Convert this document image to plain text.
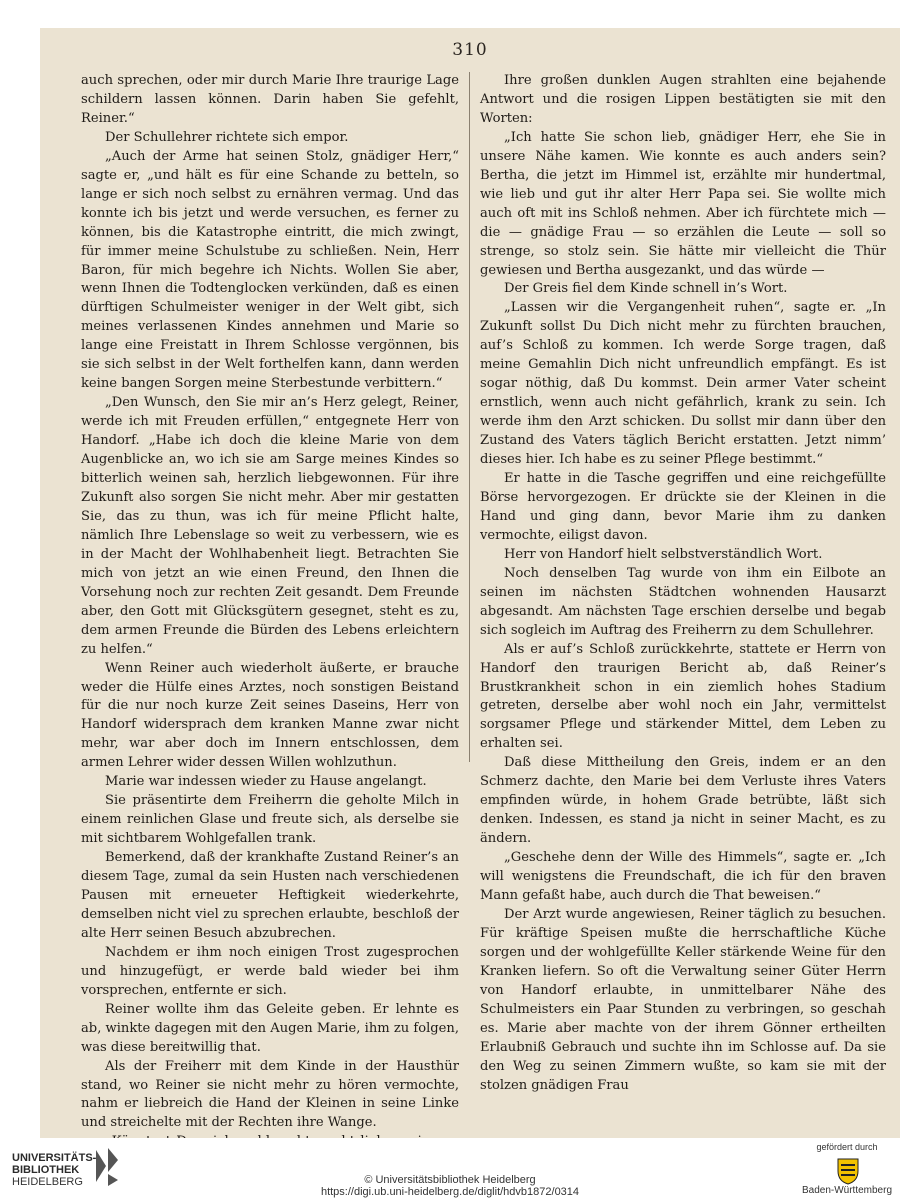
310

auch sprechen, oder mir durch Marie Ihre traurige Lage schildern lassen können. Darin haben Sie gefehlt, Reiner.“

Der Schullehrer richtete sich empor.

„Auch der Arme hat seinen Stolz, gnädiger Herr,“ sagte er, „und hält es für eine Schande zu betteln, so lange er sich noch selbst zu ernähren vermag. Und das konnte ich bis jetzt und werde versuchen, es ferner zu können, bis die Katastrophe eintritt, die mich zwingt, für immer meine Schulstube zu schließen. Nein, Herr Baron, für mich begehre ich Nichts. Wollen Sie aber, wenn Ihnen die Todtenglocken verkünden, daß es einen dürftigen Schulmeister weniger in der Welt gibt, sich meines verlassenen Kindes annehmen und Marie so lange eine Freistatt in Ihrem Schlosse vergönnen, bis sie sich selbst in der Welt forthelfen kann, dann werden keine bangen Sorgen meine Sterbestunde verbittern.“

„Den Wunsch, den Sie mir an’s Herz gelegt, Reiner, werde ich mit Freuden erfüllen,“ entgegnete Herr von Handorf. „Habe ich doch die kleine Marie von dem Augenblicke an, wo ich sie am Sarge meines Kindes so bitterlich weinen sah, herzlich liebgewonnen. Für ihre Zukunft also sorgen Sie nicht mehr. Aber mir gestatten Sie, das zu thun, was ich für meine Pflicht halte, nämlich Ihre Lebenslage so weit zu verbessern, wie es in der Macht der Wohlhabenheit liegt. Betrachten Sie mich von jetzt an wie einen Freund, den Ihnen die Vorsehung noch zur rechten Zeit gesandt. Dem Freunde aber, den Gott mit Glücksgütern gesegnet, steht es zu, dem armen Freunde die Bürden des Lebens erleichtern zu helfen.“

Wenn Reiner auch wiederholt äußerte, er brauche weder die Hülfe eines Arztes, noch sonstigen Beistand für die nur noch kurze Zeit seines Daseins, Herr von Handorf widersprach dem kranken Manne zwar nicht mehr, war aber doch im Innern entschlossen, dem armen Lehrer wider dessen Willen wohlzuthun.

Marie war indessen wieder zu Hause angelangt.

Sie präsentirte dem Freiherrn die geholte Milch in einem reinlichen Glase und freute sich, als derselbe sie mit sichtbarem Wohlgefallen trank.

Bemerkend, daß der krankhafte Zustand Reiner’s an diesem Tage, zumal da sein Husten nach verschiedenen Pausen mit erneueter Heftigkeit wiederkehrte, demselben nicht viel zu sprechen erlaubte, beschloß der alte Herr seinen Besuch abzubrechen.

Nachdem er ihm noch einigen Trost zugesprochen und hinzugefügt, er werde bald wieder bei ihm vorsprechen, entfernte er sich.

Reiner wollte ihm das Geleite geben. Er lehnte es ab, winkte dagegen mit den Augen Marie, ihm zu folgen, was diese bereitwillig that.

Als der Freiherr mit dem Kinde in der Hausthür stand, wo Reiner sie nicht mehr zu hören vermochte, nahm er liebreich die Hand der Kleinen in seine Linke und streichelte mit der Rechten ihre Wange.

Ihre großen dunklen Augen strahlten eine bejahende Antwort und die rosigen Lippen bestätigten sie mit den Worten:

„Ich hatte Sie schon lieb, gnädiger Herr, ehe Sie in unsere Nähe kamen. Wie konnte es auch anders sein? Bertha, die jetzt im Himmel ist, erzählte mir hundertmal, wie lieb und gut ihr alter Herr Papa sei. Sie wollte mich auch oft mit ins Schloß nehmen. Aber ich fürchtete mich — die — gnädige Frau — so erzählen die Leute — soll so strenge, so stolz sein. Sie hätte mir vielleicht die Thür gewiesen und Bertha ausgezankt, und das würde —

Der Greis fiel dem Kinde schnell in’s Wort.

„Lassen wir die Vergangenheit ruhen“, sagte er. „In Zukunft sollst Du Dich nicht mehr zu fürchten brauchen, auf’s Schloß zu kommen. Ich werde Sorge tragen, daß meine Gemahlin Dich nicht unfreundlich empfängt. Es ist sogar nöthig, daß Du kommst. Dein armer Vater scheint ernstlich, wenn auch nicht gefährlich, krank zu sein. Ich werde ihm den Arzt schicken. Du sollst mir dann über den Zustand des Vaters täglich Bericht erstatten. Jetzt nimm’ dieses hier. Ich habe es zu seiner Pflege bestimmt.“

Er hatte in die Tasche gegriffen und eine reichgefüllte Börse hervorgezogen. Er drückte sie der Kleinen in die Hand und ging dann, bevor Marie ihm zu danken vermochte, eiligst davon.

Herr von Handorf hielt selbstverständlich Wort.

Noch denselben Tag wurde von ihm ein Eilbote an seinen im nächsten Städtchen wohnenden Hausarzt abgesandt. Am nächsten Tage erschien derselbe und begab sich sogleich im Auftrag des Freiherrn zu dem Schullehrer.

Als er auf’s Schloß zurückkehrte, stattete er Herrn von Handorf den traurigen Bericht ab, daß Reiner’s Brustkrankheit schon in ein ziemlich hohes Stadium getreten, derselbe aber wohl noch ein Jahr, vermittelst sorgsamer Pflege und stärkender Mittel, dem Leben zu erhalten sei.

Daß diese Mittheilung den Greis, indem er an den Schmerz dachte, den Marie bei dem Verluste ihres Vaters empfinden würde, in hohem Grade betrübte, läßt sich denken. Indessen, es stand ja nicht in seiner Macht, es zu ändern.

„Geschehe denn der Wille des Himmels“, sagte er. „Ich will wenigstens die Freundschaft, die ich für den braven Mann gefaßt habe, auch durch die That beweisen.“

Der Arzt wurde angewiesen, Reiner täglich zu besuchen. Für kräftige Speisen mußte die herrschaftliche Küche sorgen und der wohlgefüllte Keller stärkende Weine für den Kranken liefern. So oft die Verwaltung seiner Güter Herrn von Handorf erlaubte, in unmittelbarer Nähe des Schulmeisters ein Paar Stunden zu verbringen, so geschah es. Marie aber machte von der ihrem Gönner ertheilten Erlaubniß Gebrauch und suchte ihn im Schlosse auf. Da sie den Weg zu seinen Zimmern wußte, so kam sie mit der stolzen gnädigen Frau

UNIVERSITÄTS-
BIBLIOTHEK
HEIDELBERG	© Universitätsbibliothek Heidelberg
https://digi.ub.uni-heidelberg.de/diglit/hdvb1872/0314
gefördert durch
Baden-Württemberg
